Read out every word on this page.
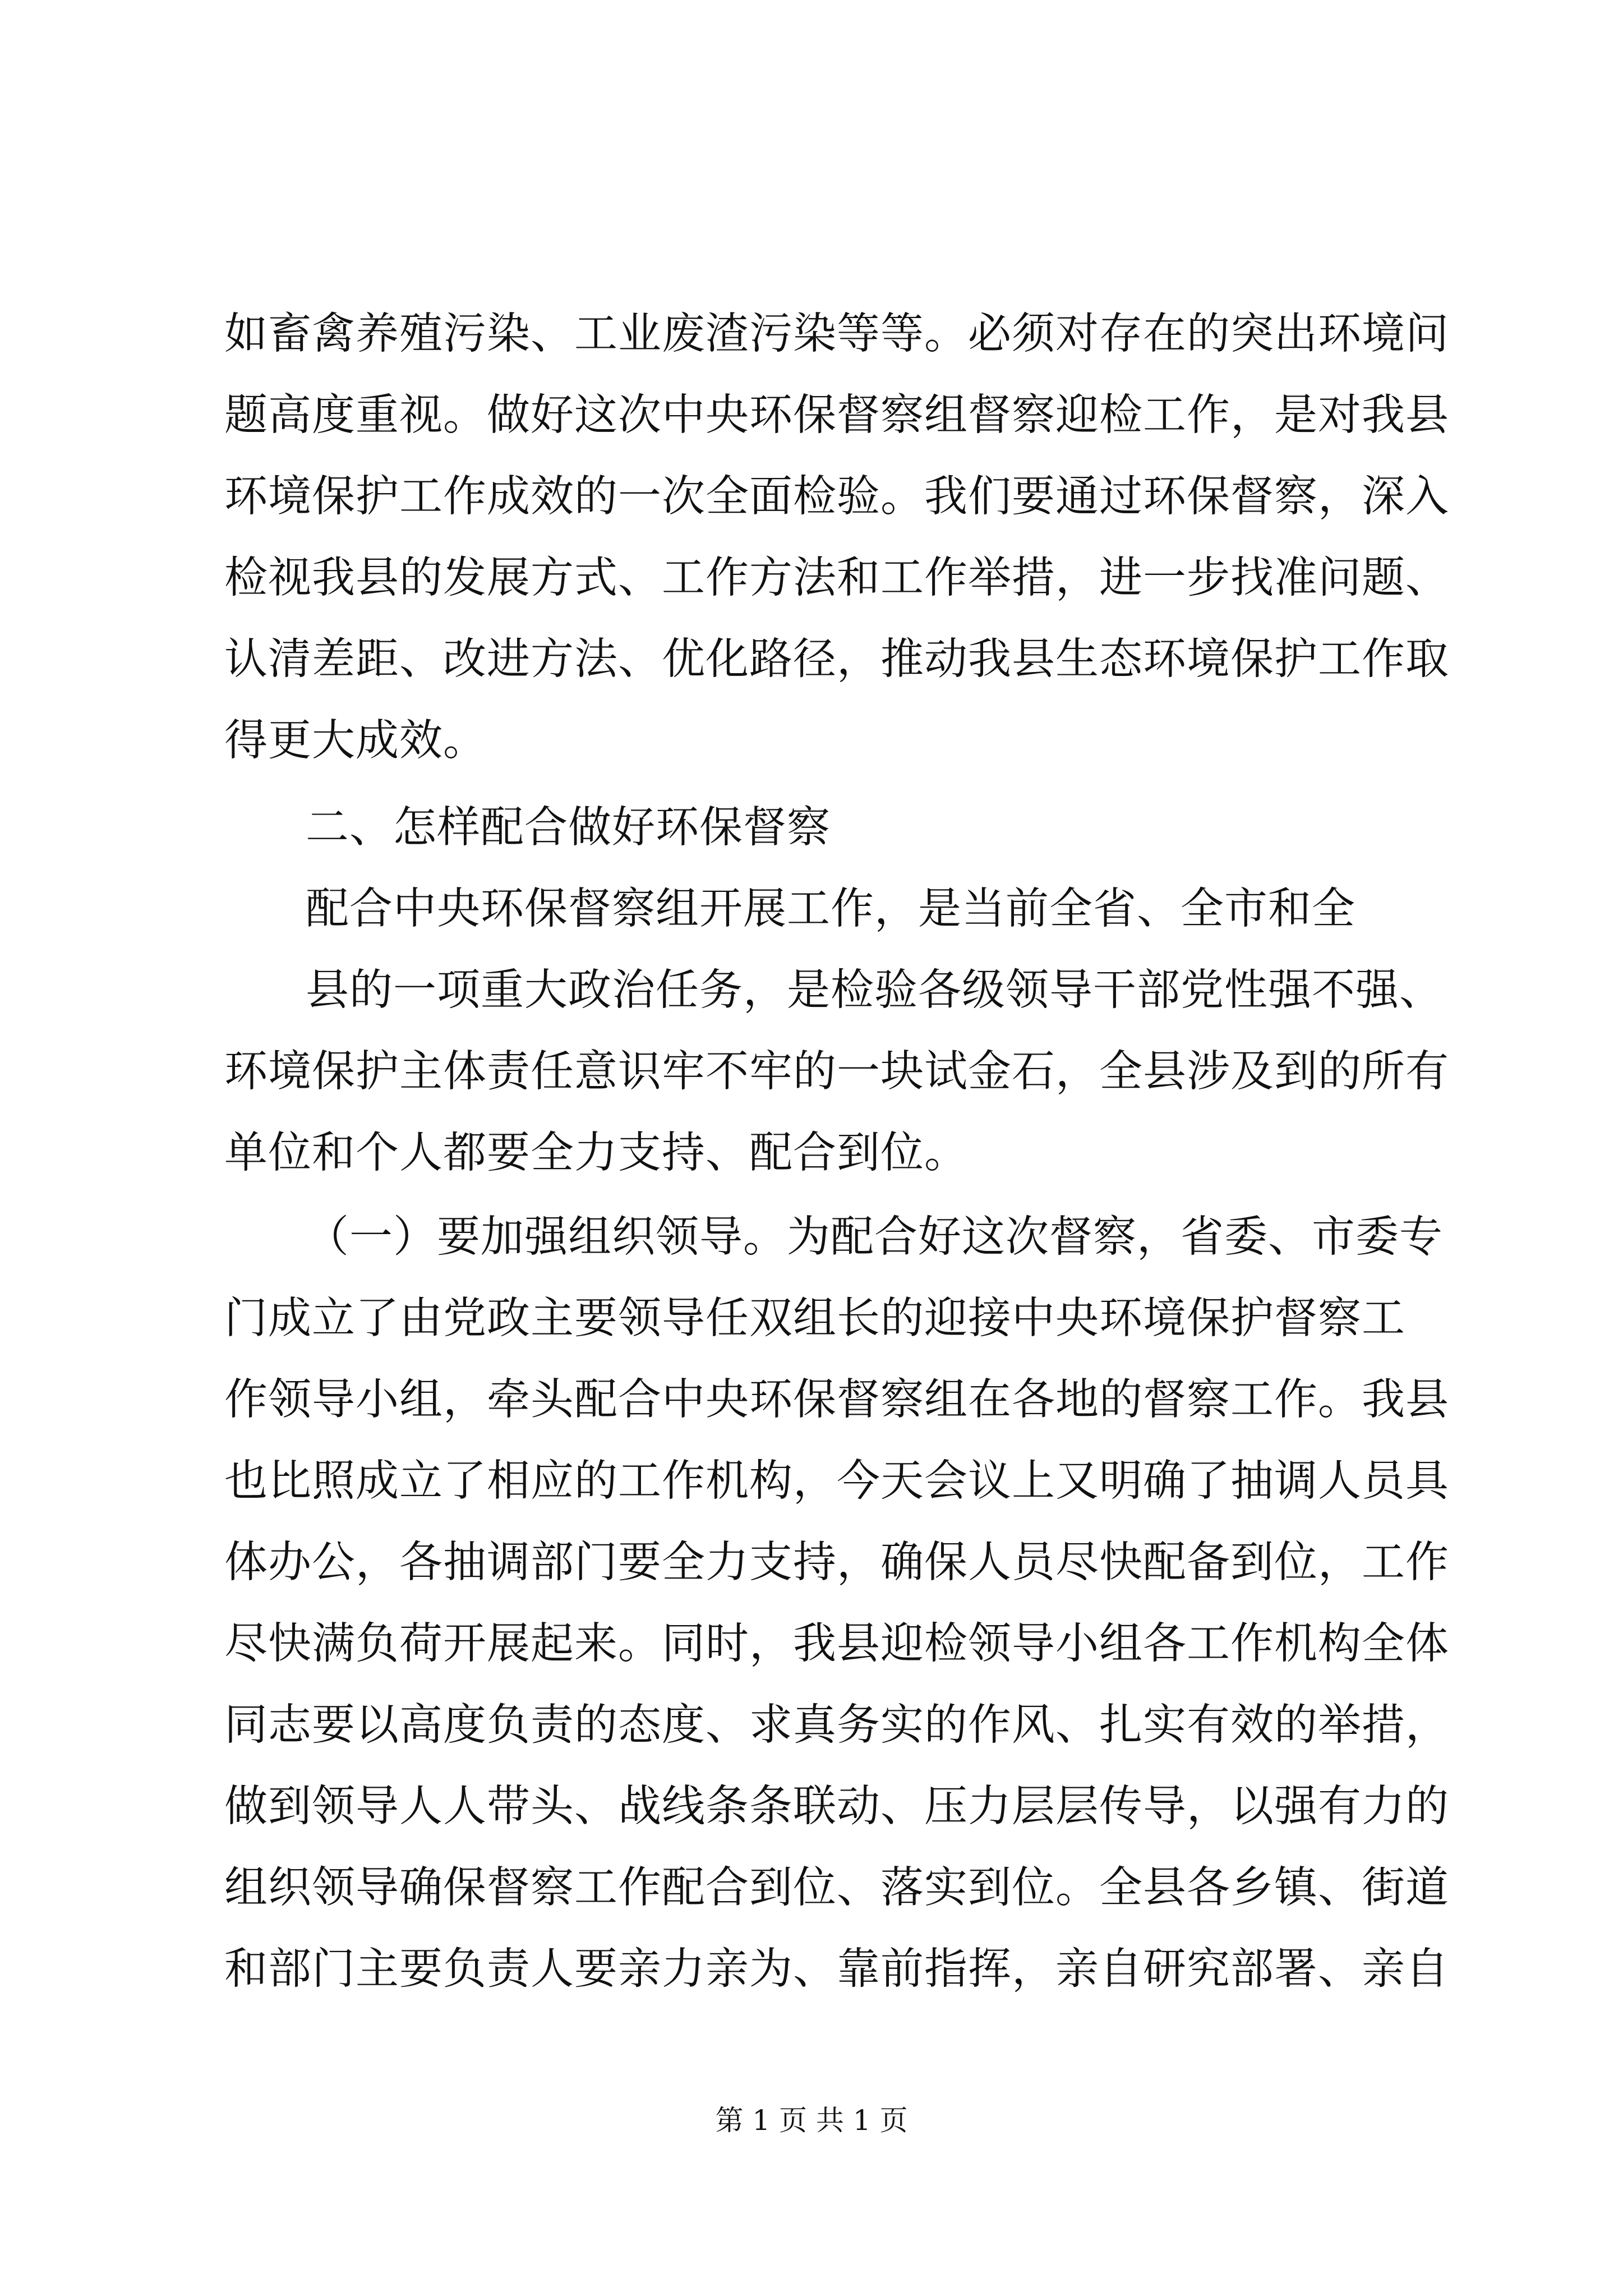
如畜禽养殖污染、工业废渣污染等等。必须对存在的突出环境问
题高度重视。做好这次中央环保督察组督察迎检工作，是对我县
环境保护工作成效的一次全面检验。我们要通过环保督察，深入
检视我县的发展方式、工作方法和工作举措，进一步找准问题、
认清差距、改进方法、优化路径，推动我县生态环境保护工作取
得更大成效。
二、怎样配合做好环保督察
配合中央环保督察组开展工作，是当前全省、全市和全
县的一项重大政治任务，是检验各级领导干部党性强不强、
环境保护主体责任意识牢不牢的一块试金石，全县涉及到的所有
单位和个人都要全力支持、配合到位。
（一）要加强组织领导。为配合好这次督察，省委、市委专
门成立了由党政主要领导任双组长的迎接中央环境保护督察工
作领导小组，牵头配合中央环保督察组在各地的督察工作。我县
也比照成立了相应的工作机构，今天会议上又明确了抽调人员具
体办公，各抽调部门要全力支持，确保人员尽快配备到位，工作
尽快满负荷开展起来。同时，我县迎检领导小组各工作机构全体
同志要以高度负责的态度、求真务实的作风、扎实有效的举措，
做到领导人人带头、战线条条联动、压力层层传导，以强有力的
组织领导确保督察工作配合到位、落实到位。全县各乡镇、街道
和部门主要负责人要亲力亲为、靠前指挥，亲自研究部署、亲自
第 1 页 共 1 页
